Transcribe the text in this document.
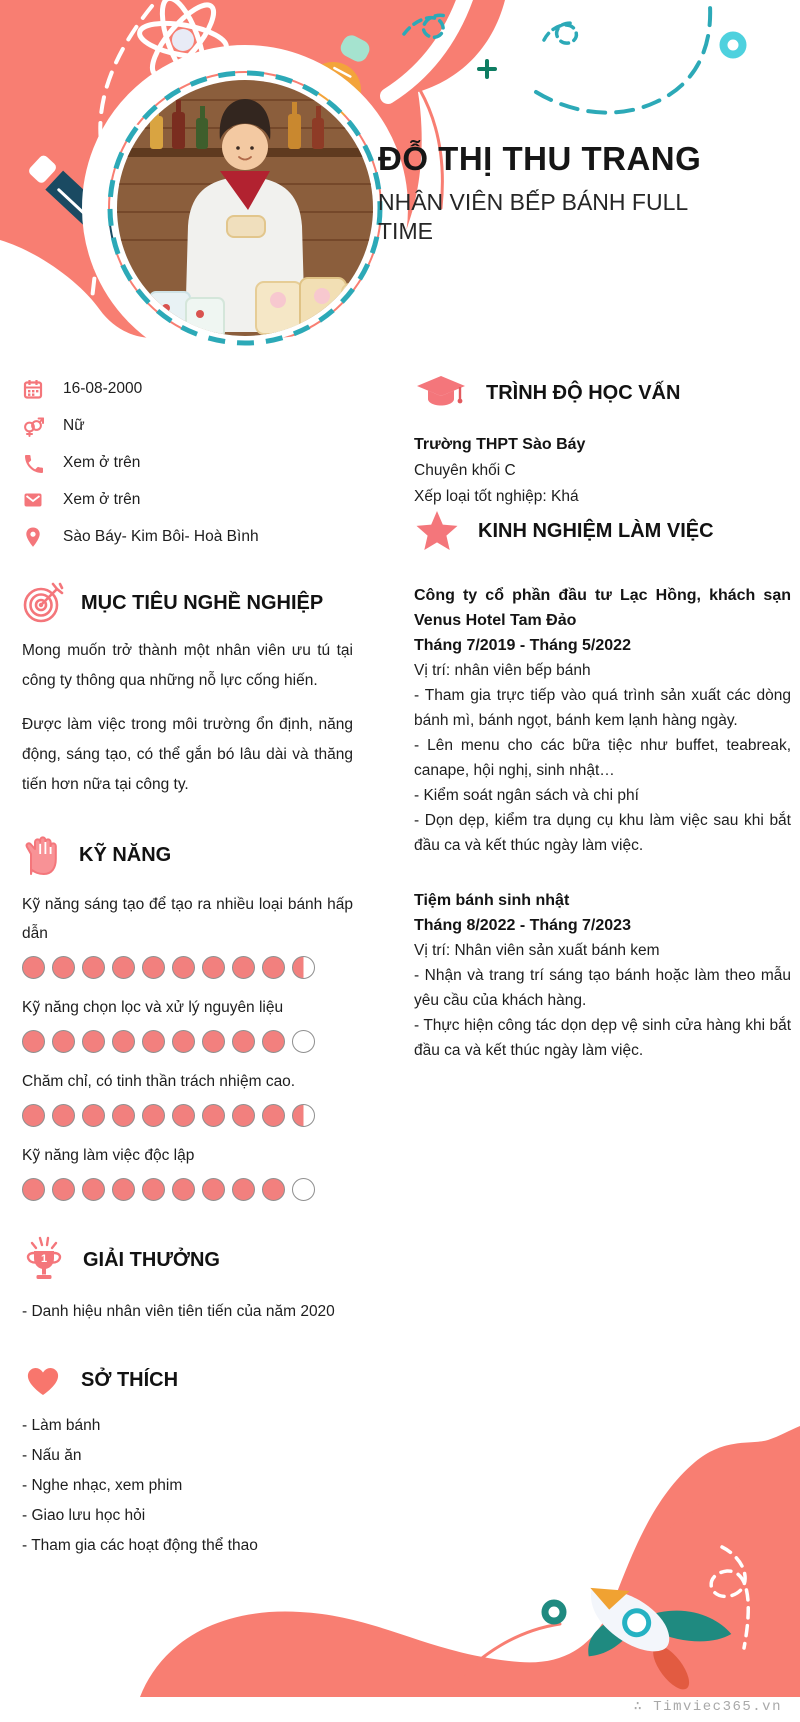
ĐỖ THỊ THU TRANG
NHÂN VIÊN BẾP BÁNH FULL TIME
16-08-2000
Nữ
Xem ở trên
Xem ở trên
Sào Báy- Kim Bôi- Hoà Bình
MỤC TIÊU NGHỀ NGHIỆP

Mong muốn trở thành một nhân viên ưu tú tại công ty thông qua những nỗ lực cống hiến.

Được làm việc trong môi trường ổn định, năng động, sáng tạo, có thể gắn bó lâu dài và thăng tiến hơn nữa tại công ty.

KỸ NĂNG

Kỹ năng sáng tạo để tạo ra nhiều loại bánh hấp dẫn

Kỹ năng chọn lọc và xử lý nguyên liệu

Chăm chỉ, có tinh thần trách nhiệm cao.

Kỹ năng làm việc độc lập

1 GIẢI THƯỞNG

- Danh hiệu nhân viên tiên tiến của năm 2020

SỞ THÍCH

- Làm bánh

- Nấu ăn

- Nghe nhạc, xem phim

- Giao lưu học hỏi

- Tham gia các hoạt động thể thao

TRÌNH ĐỘ HỌC VẤN

Trường THPT Sào Báy

Chuyên khối C

Xếp loại tốt nghiệp: Khá

KINH NGHIỆM LÀM VIỆC

Công ty cổ phần đầu tư Lạc Hồng, khách sạn Venus Hotel Tam Đảo

Tháng 7/2019 - Tháng 5/2022

Vị trí: nhân viên bếp bánh

- Tham gia trực tiếp vào quá trình sản xuất các dòng bánh mì, bánh ngọt, bánh kem lạnh hàng ngày.

- Lên menu cho các bữa tiệc như buffet, teabreak, canape, hội nghị, sinh nhật…

- Kiểm soát ngân sách và chi phí

- Dọn dẹp, kiểm tra dụng cụ khu làm việc sau khi bắt đầu ca và kết thúc ngày làm việc.

Tiệm bánh sinh nhật

Tháng 8/2022 - Tháng 7/2023

Vị trí: Nhân viên sản xuất bánh kem

- Nhận và trang trí sáng tạo bánh hoặc làm theo mẫu yêu cầu của khách hàng.

- Thực hiện công tác dọn dẹp vệ sinh cửa hàng khi bắt đầu ca và kết thúc ngày làm việc.

∴ Timviec365.vn
